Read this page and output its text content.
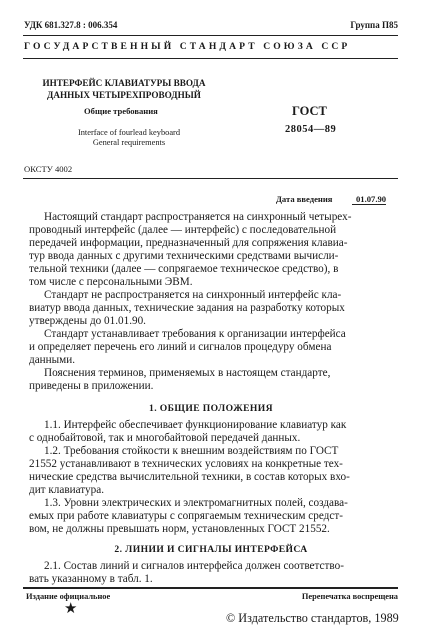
УДК 681.327.8 : 006.354	Группа П85
ГОСУДАРСТВЕННЫЙ СТАНДАРТ СОЮЗА ССР
ИНТЕРФЕЙС КЛАВИАТУРЫ ВВОДА
ДАННЫХ ЧЕТЫРЕХПРОВОДНЫЙ
Общие требования
Interface of fourlead keyboard
General requirements
ГОСТ
28054—89
ОКСТУ 4002
Дата введения	01.07.90
Настоящий стандарт распространяется на синхронный четырех-
проводный интерфейс (далее — интерфейс) с последовательной
передачей информации, предназначенный для сопряжения клавиа-
тур ввода данных с другими техническими средствами вычисли-
тельной техники (далее — сопрягаемое техническое средство), в
том числе с персональными ЭВМ.
Стандарт не распространяется на синхронный интерфейс кла-
виатур ввода данных, технические задания на разработку которых
утверждены до 01.01.90.
Стандарт устанавливает требования к организации интерфейса
и определяет перечень его линий и сигналов процедуру обмена
данными.
Пояснения терминов, применяемых в настоящем стандарте,
приведены в приложении.
1. ОБЩИЕ ПОЛОЖЕНИЯ
1.1. Интерфейс обеспечивает функционирование клавиатур как
с однобайтовой, так и многобайтовой передачей данных.
1.2. Требования стойкости к внешним воздействиям по ГОСТ
21552 устанавливают в технических условиях на конкретные тех-
нические средства вычислительной техники, в состав которых вхо-
дит клавиатура.
1.3. Уровни электрических и электромагнитных полей, создава-
емых при работе клавиатуры с сопрягаемым техническим средст-
вом, не должны превышать норм, установленных ГОСТ 21552.
2. ЛИНИИ И СИГНАЛЫ ИНТЕРФЕЙСА
2.1. Состав линий и сигналов интерфейса должен соответство-
вать указанному в табл. 1.
Издание официальное	Перепечатка воспрещена
★
© Издательство стандартов, 1989
